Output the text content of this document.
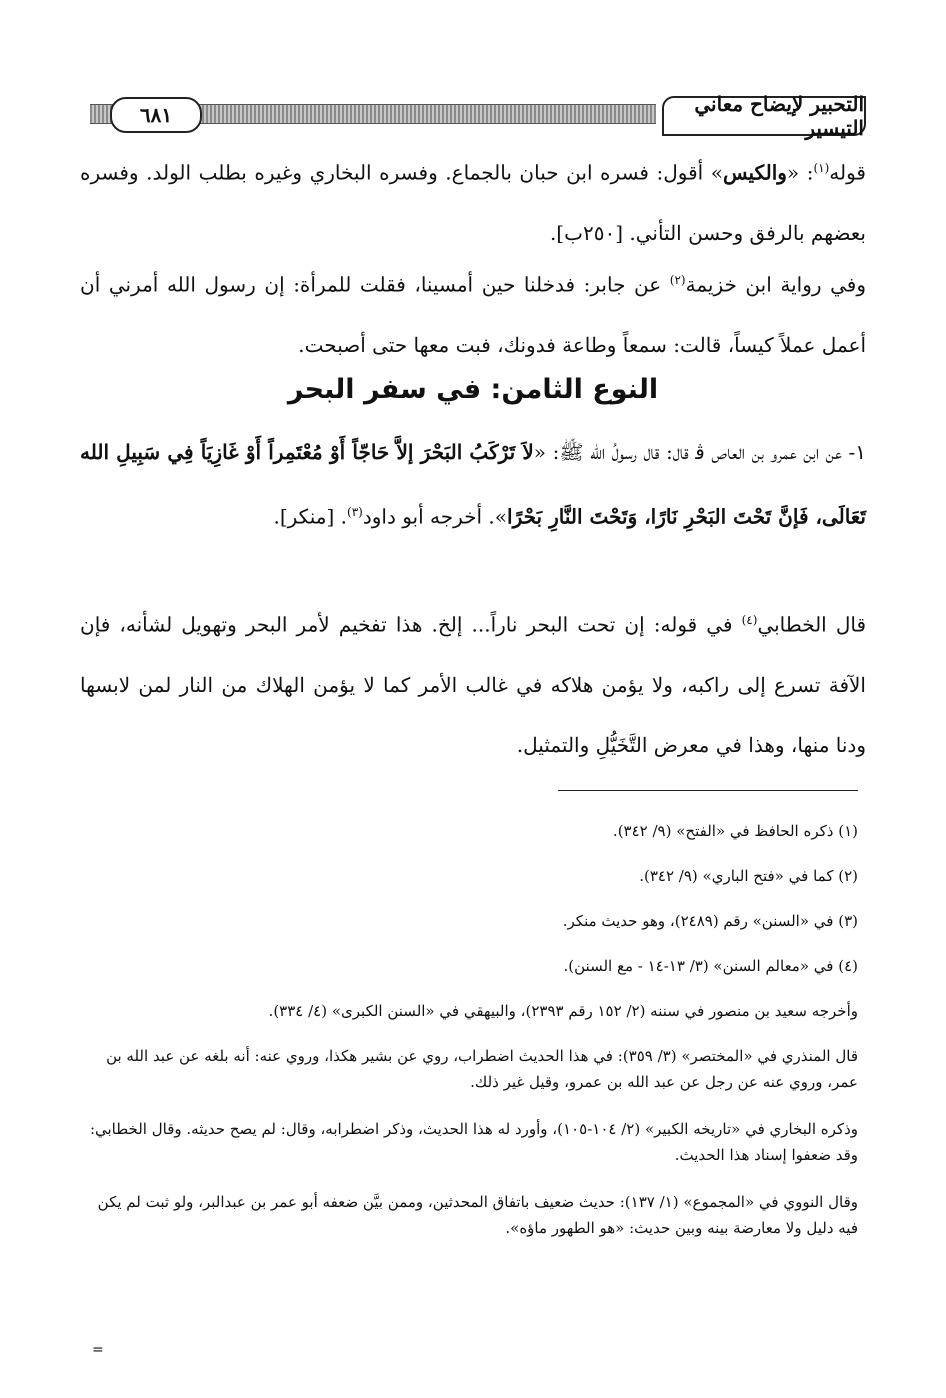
التحبير لإيضاح معاني التيسير
٦٨١
قوله$^{(١)}$: «والكيس» أقول: فسره ابن حبان بالجماع. وفسره البخاري وغيره بطلب الولد. وفسره بعضهم بالرفق وحسن التأني. [٢٥٠ب].
وفي رواية ابن خزيمة$^{(٢)}$ عن جابر: فدخلنا حين أمسينا، فقلت للمرأة: إن رسول الله أمرني أن أعمل عملاً كيساً، قالت: سمعاً وطاعة فدونك، فبت معها حتى أصبحت.
النوع الثامن: في سفر البحر
١- عن ابن عمرو بن العاص ﭬ قال: قال رسولُ الله ﷺ: «لاَ تَرْكَبُ البَحْرَ إلاَّ حَاجّاً أَوْ مُعْتَمِراً أَوْ غَازِيَاً فِي سَبِيلِ الله تَعَالَى، فَإنَّ تَحْتَ البَحْرِ نَارًا، وَتَحْتَ النَّارِ بَحْرًا». أخرجه أبو داود$^{(٣)}$. [منكر].
قال الخطابي$^{(٤)}$ في قوله: إن تحت البحر ناراً... إلخ. هذا تفخيم لأمر البحر وتهويل لشأنه، فإن الآفة تسرع إلى راكبه، ولا يؤمن هلاكه في غالب الأمر كما لا يؤمن الهلاك من النار لمن لابسها ودنا منها، وهذا في معرض التَّخَيُّلِ والتمثيل.
(١) ذكره الحافظ في «الفتح» (٩/ ٣٤٢).
(٢) كما في «فتح الباري» (٩/ ٣٤٢).
(٣) في «السنن» رقم (٢٤٨٩)، وهو حديث منكر.
(٤) في «معالم السنن» (٣/ ١٣-١٤ - مع السنن).
وأخرجه سعيد بن منصور في سننه (٢/ ١٥٢ رقم ٢٣٩٣)، والبيهقي في «السنن الكبرى» (٤/ ٣٣٤).
قال المنذري في «المختصر» (٣/ ٣٥٩): في هذا الحديث اضطراب، روي عن بشير هكذا، وروي عنه: أنه بلغه عن عبد الله بن عمر، وروي عنه عن رجل عن عبد الله بن عمرو، وقيل غير ذلك.
وذكره البخاري في «تاريخه الكبير» (٢/ ١٠٤-١٠٥)، وأورد له هذا الحديث، وذكر اضطرابه، وقال: لم يصح حديثه. وقال الخطابي: وقد ضعفوا إسناد هذا الحديث.
وقال النووي في «المجموع» (١/ ١٣٧): حديث ضعيف باتفاق المحدثين، وممن بيَّن ضعفه أبو عمر بن عبدالبر، ولو ثبت لم يكن فيه دليل ولا معارضة بينه وبين حديث: «هو الطهور ماؤه».
=
